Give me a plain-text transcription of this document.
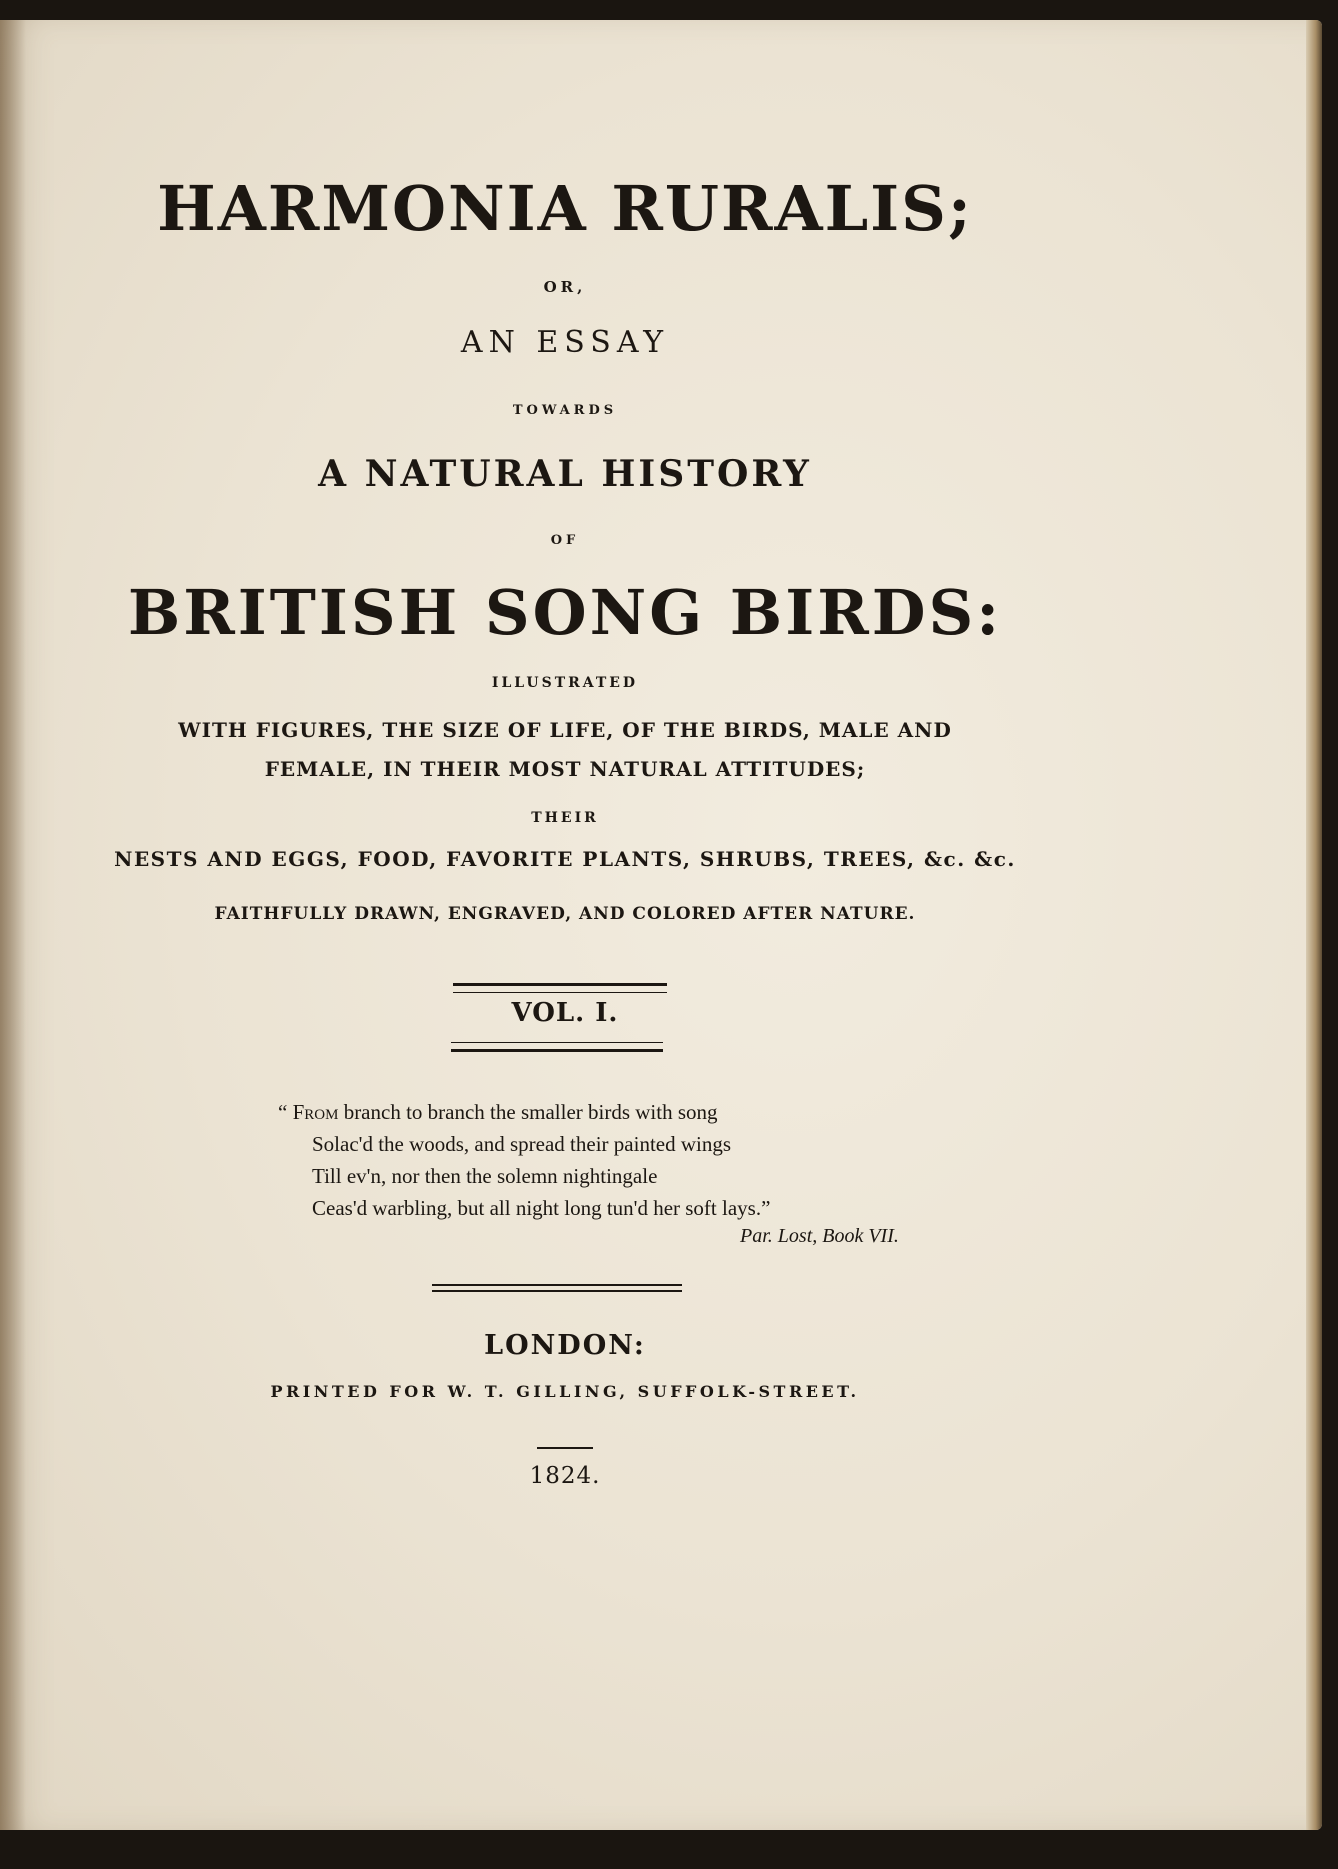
HARMONIA RURALIS;
OR,
AN ESSAY
TOWARDS
A NATURAL HISTORY
OF
BRITISH SONG BIRDS:
ILLUSTRATED
WITH FIGURES, THE SIZE OF LIFE, OF THE BIRDS, MALE AND
FEMALE, IN THEIR MOST NATURAL ATTITUDES;
THEIR
NESTS AND EGGS, FOOD, FAVORITE PLANTS, SHRUBS, TREES, &c. &c.
FAITHFULLY DRAWN, ENGRAVED, AND COLORED AFTER NATURE.
VOL. I.
“ From branch to branch the smaller birds with song
Solac'd the woods, and spread their painted wings
Till ev'n, nor then the solemn nightingale
Ceas'd warbling, but all night long tun'd her soft lays.”
Par. Lost, Book VII.
LONDON:
PRINTED FOR W. T. GILLING, SUFFOLK-STREET.
1824.
